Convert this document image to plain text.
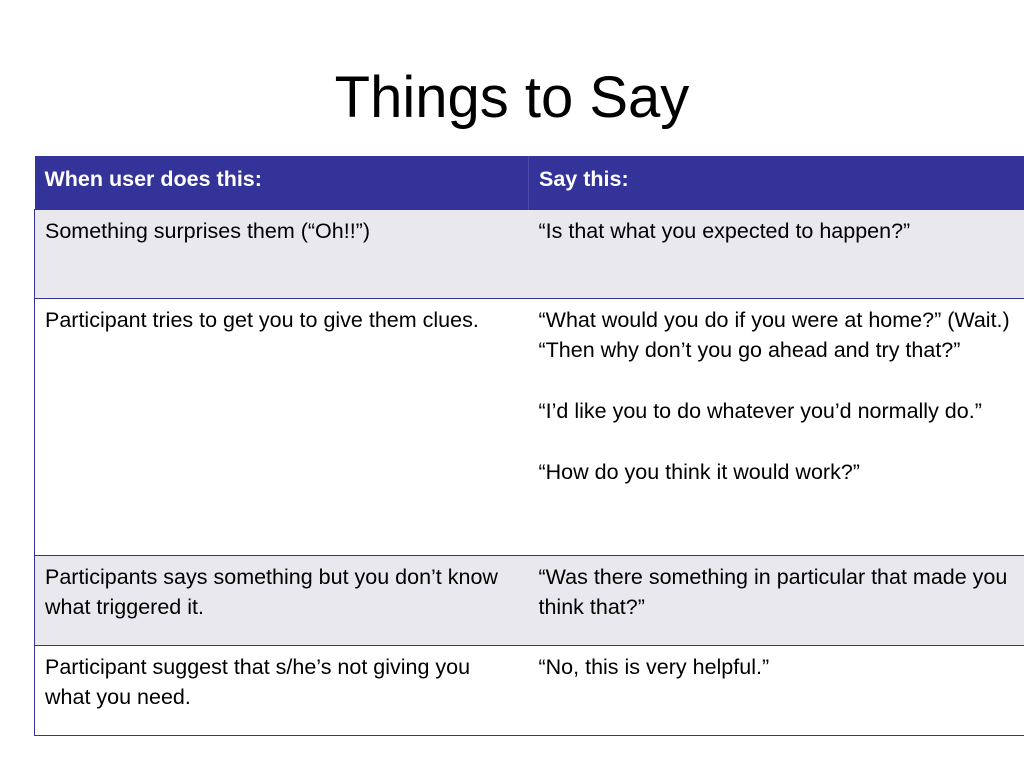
Things to Say
When user does this:	Say this:
Something surprises them (“Oh!!”)	“Is that what you expected to happen?”

Participant tries to get you to give them clues.	“What would you do if you were at home?” (Wait.) “Then why don’t you go ahead and try that?”
“I’d like you to do whatever you’d normally do.”
“How do you think it would work?”

Participants says something but you don’t know what triggered it.	“Was there something in particular that made you think that?”

Participant suggest that s/he’s not giving you what you need.	“No, this is very helpful.”
